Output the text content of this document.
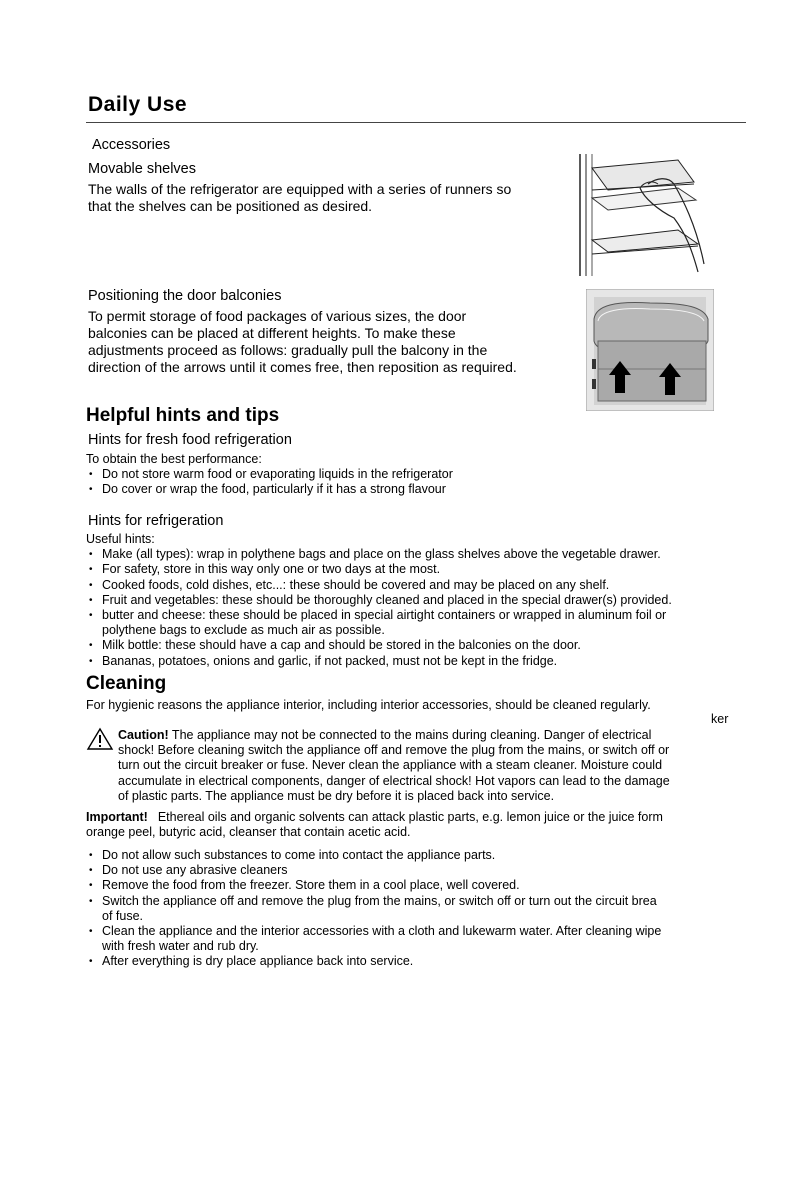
Daily Use
Accessories
Movable shelves
The walls of the refrigerator are equipped with a series of runners so
that the shelves can be positioned as desired.
Positioning the door balconies
To permit storage of food packages of various sizes, the door
balconies can be placed at different heights. To make these
adjustments proceed as follows: gradually pull the balcony in the
direction of the arrows until it comes free, then reposition as required.
Helpful hints and tips
Hints for fresh food refrigeration
To obtain the best performance:
• Do not store warm food or evaporating liquids in the refrigerator
• Do cover or wrap the food, particularly if it has a strong flavour
Hints for refrigeration
Useful hints:
• Make (all types): wrap in polythene bags and place on the glass shelves above the vegetable drawer.
• For safety, store in this way only one or two days at the most.
• Cooked foods, cold dishes, etc...: these should be covered and may be placed on any shelf.
• Fruit and vegetables: these should be thoroughly cleaned and placed in the special drawer(s) provided.
• butter and cheese: these should be placed in special airtight containers or wrapped in aluminum foil or
polythene bags to exclude as much air as possible.
• Milk bottle: these should have a cap and should be stored in the balconies on the door.
• Bananas, potatoes, onions and garlic, if not packed, must not be kept in the fridge.
Cleaning
For hygienic reasons the appliance interior, including interior accessories, should be cleaned regularly.
ker
Caution! The appliance may not be connected to the mains during cleaning. Danger of electrical
shock! Before cleaning switch the appliance off and remove the plug from the mains, or switch off or
turn out the circuit breaker or fuse. Never clean the appliance with a steam cleaner. Moisture could
accumulate in electrical components, danger of electrical shock! Hot vapors can lead to the damage
of plastic parts. The appliance must be dry before it is placed back into service.
Important! Ethereal oils and organic solvents can attack plastic parts, e.g. lemon juice or the juice form
orange peel, butyric acid, cleanser that contain acetic acid.
• Do not allow such substances to come into contact the appliance parts.
• Do not use any abrasive cleaners
• Remove the food from the freezer. Store them in a cool place, well covered.
• Switch the appliance off and remove the plug from the mains, or switch off or turn out the circuit brea
of fuse.
• Clean the appliance and the interior accessories with a cloth and lukewarm water. After cleaning wipe
with fresh water and rub dry.
• After everything is dry place appliance back into service.
